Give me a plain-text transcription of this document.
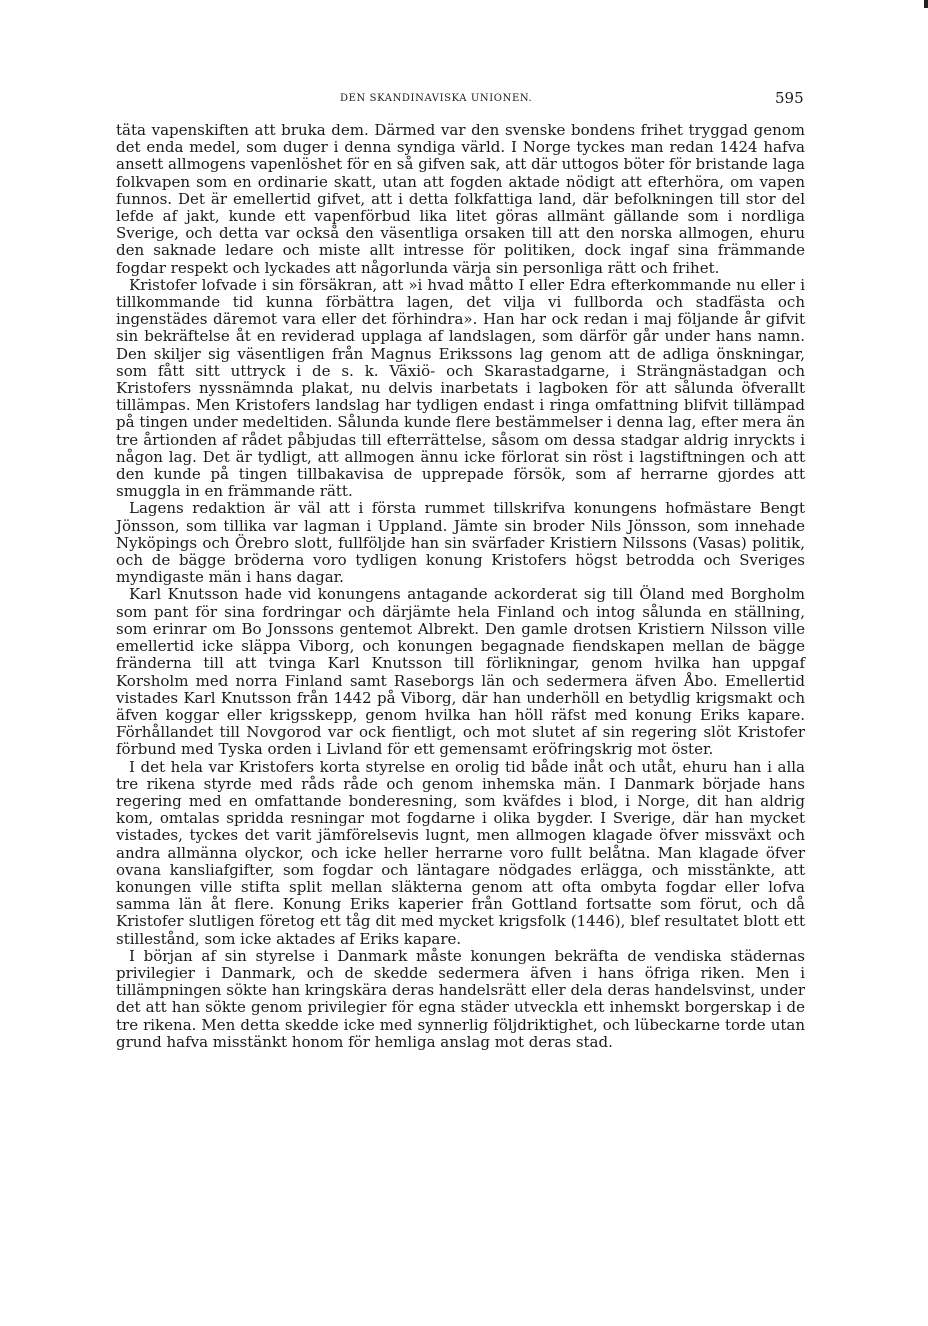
DEN SKANDINAVISKA UNIONEN.	595

täta vapenskiften att bruka dem. Därmed var den svenske bondens frihet tryggad genom det enda medel, som duger i denna syndiga värld. I Norge tyckes man redan 1424 hafva ansett allmogens vapenlöshet för en så gifven sak, att där uttogos böter för bristande laga folkvapen som en ordinarie skatt, utan att fogden aktade nödigt att efterhöra, om vapen funnos. Det är emellertid gifvet, att i detta folkfattiga land, där befolkningen till stor del lefde af jakt, kunde ett vapenförbud lika litet göras allmänt gällande som i nordliga Sverige, och detta var också den väsentliga orsaken till att den norska allmogen, ehuru den saknade ledare och miste allt intresse för politiken, dock ingaf sina främmande fogdar respekt och lyckades att någorlunda värja sin personliga rätt och frihet.

Kristofer lofvade i sin försäkran, att »i hvad måtto I eller Edra efterkommande nu eller i tillkommande tid kunna förbättra lagen, det vilja vi fullborda och stadfästa och ingenstädes däremot vara eller det förhindra». Han har ock redan i maj följande år gifvit sin bekräftelse åt en reviderad upplaga af landslagen, som därför går under hans namn. Den skiljer sig väsentligen från Magnus Erikssons lag genom att de adliga önskningar, som fått sitt uttryck i de s. k. Växiö- och Skarastadgarne, i Strängnästadgan och Kristofers nyssnämnda plakat, nu delvis inarbetats i lagboken för att sålunda öfverallt tillämpas. Men Kristofers landslag har tydligen endast i ringa omfattning blifvit tillämpad på tingen under medeltiden. Sålunda kunde flere bestämmelser i denna lag, efter mera än tre årtionden af rådet påbjudas till efterrättelse, såsom om dessa stadgar aldrig inryckts i någon lag. Det är tydligt, att allmogen ännu icke förlorat sin röst i lagstiftningen och att den kunde på tingen tillbakavisa de upprepade försök, som af herrarne gjordes att smuggla in en främmande rätt.

Lagens redaktion är väl att i första rummet tillskrifva konungens hofmästare Bengt Jönsson, som tillika var lagman i Uppland. Jämte sin broder Nils Jönsson, som innehade Nyköpings och Örebro slott, fullföljde han sin svärfader Kristiern Nilssons (Vasas) politik, och de bägge bröderna voro tydligen konung Kristofers högst betrodda och Sveriges myndigaste män i hans dagar.

Karl Knutsson hade vid konungens antagande ackorderat sig till Öland med Borgholm som pant för sina fordringar och därjämte hela Finland och intog sålunda en ställning, som erinrar om Bo Jonssons gentemot Albrekt. Den gamle drotsen Kristiern Nilsson ville emellertid icke släppa Viborg, och konungen begagnade fiendskapen mellan de bägge fränderna till att tvinga Karl Knutsson till förlikningar, genom hvilka han uppgaf Korsholm med norra Finland samt Raseborgs län och sedermera äfven Åbo. Emellertid vistades Karl Knutsson från 1442 på Viborg, där han underhöll en betydlig krigsmakt och äfven koggar eller krigsskepp, genom hvilka han höll räfst med konung Eriks kapare. Förhållandet till Novgorod var ock fientligt, och mot slutet af sin regering slöt Kristofer förbund med Tyska orden i Livland för ett gemensamt eröfringskrig mot öster.

I det hela var Kristofers korta styrelse en orolig tid både inåt och utåt, ehuru han i alla tre rikena styrde med råds råde och genom inhemska män. I Danmark började hans regering med en omfattande bonderesning, som kväfdes i blod, i Norge, dit han aldrig kom, omtalas spridda resningar mot fogdarne i olika bygder. I Sverige, där han mycket vistades, tyckes det varit jämförelsevis lugnt, men allmogen klagade öfver missväxt och andra allmänna olyckor, och icke heller herrarne voro fullt belåtna. Man klagade öfver ovana kansliafgifter, som fogdar och läntagare nödgades erlägga, och misstänkte, att konungen ville stifta split mellan släkterna genom att ofta ombyta fogdar eller lofva samma län åt flere. Konung Eriks kaperier från Gottland fortsatte som förut, och då Kristofer slutligen företog ett tåg dit med mycket krigsfolk (1446), blef resultatet blott ett stillestånd, som icke aktades af Eriks kapare.

I början af sin styrelse i Danmark måste konungen bekräfta de vendiska städernas privilegier i Danmark, och de skedde sedermera äfven i hans öfriga riken. Men i tillämpningen sökte han kringskära deras handelsrätt eller dela deras handelsvinst, under det att han sökte genom privilegier för egna städer utveckla ett inhemskt borgerskap i de tre rikena. Men detta skedde icke med synnerlig följdriktighet, och lübeckarne torde utan grund hafva misstänkt honom för hemliga anslag mot deras stad.
